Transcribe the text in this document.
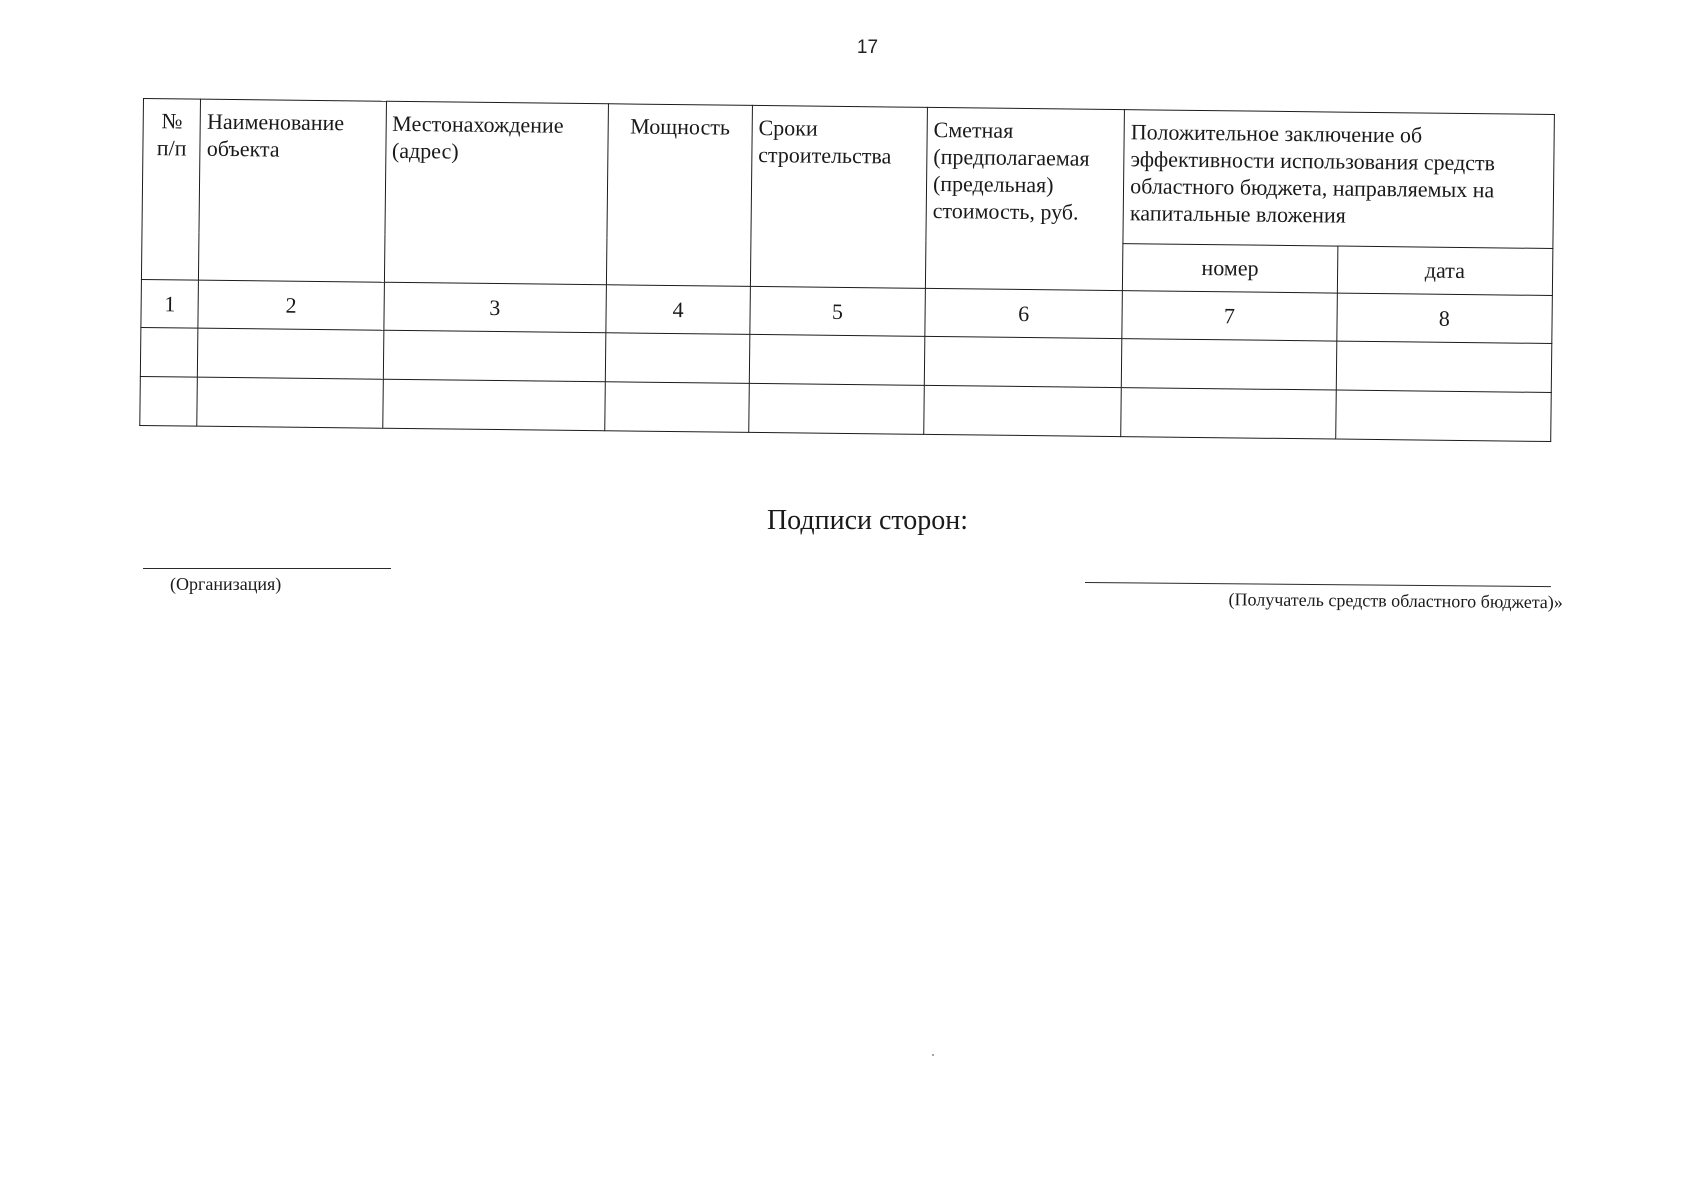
17
№ п/п	Наименование объекта	Местонахождение (адрес)	Мощность	Сроки строительства	Сметная (предполагаемая (предельная) стоимость, руб.	Положительное заключение об эффективности использования средств областного бюджета, направляемых на капитальные вложения	

						номер	дата
1	2	3	4	5	6	7	8

Подписи сторон:
(Организация)
(Получатель средств областного бюджета)»
